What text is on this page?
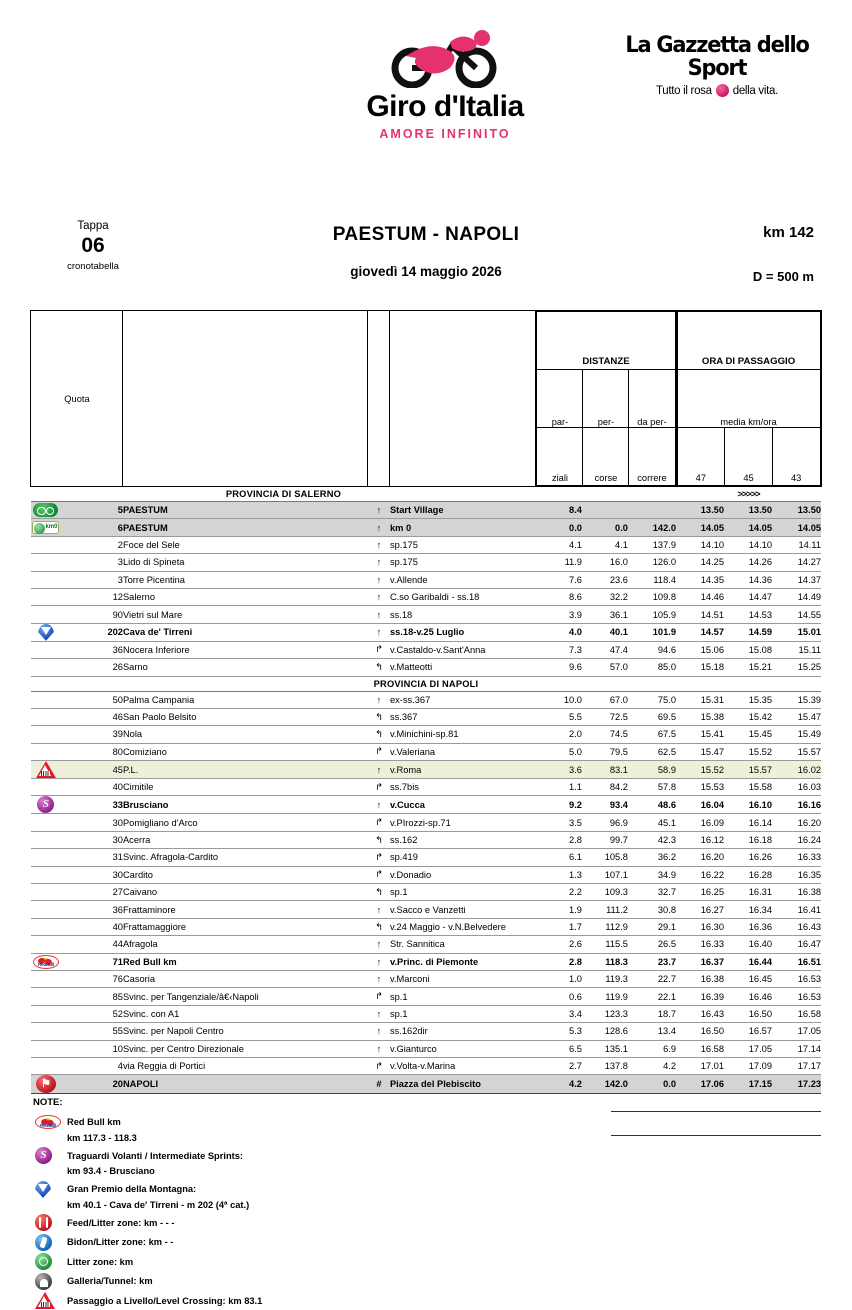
Giro d'Italia
AMORE INFINITO
La Gazzetta dello Sport
Tutto il rosa della vita.
Tappa
06
cronotabella
PAESTUM - NAPOLI
giovedì 14 maggio 2026
km 142
D = 500 m
Quota				
DISTANZE
par-	per-	da per-
ziali	corse	correre

ORA DI PASSAGGIO
media km/ora
47	45	43

PROVINCIA DI SALERNO		>>>>>
	5	PAESTUM	↑	Start Village	8.4			13.50	13.50	13.50

km0	6	PAESTUM	↑	km 0	0.0	0.0	142.0	14.05	14.05	14.05
	2	Foce del Sele	↑	sp.175	4.1	4.1	137.9	14.10	14.10	14.11
	3	Lido di Spineta	↑	sp.175	11.9	16.0	126.0	14.25	14.26	14.27
	3	Torre Picentina	↑	v.Allende	7.6	23.6	118.4	14.35	14.36	14.37
	12	Salerno	↑	C.so Garibaldi - ss.18	8.6	32.2	109.8	14.46	14.47	14.49
	90	Vietri sul Mare	↑	ss.18	3.9	36.1	105.9	14.51	14.53	14.55

	202	Cava de' Tirreni	↑	ss.18-v.25 Luglio	4.0	40.1	101.9	14.57	14.59	15.01
	36	Nocera Inferiore	↱	v.Castaldo-v.Sant'Anna	7.3	47.4	94.6	15.06	15.08	15.11
	26	Sarno	↰	v.Matteotti	9.6	57.0	85.0	15.18	15.21	15.25
PROVINCIA DI NAPOLI
	50	Palma Campania	↑	ex-ss.367	10.0	67.0	75.0	15.31	15.35	15.39
	46	San Paolo Belsito	↰	ss.367	5.5	72.5	69.5	15.38	15.42	15.47
	39	Nola	↰	v.Minichini-sp.81	2.0	74.5	67.5	15.41	15.45	15.49
	80	Comiziano	↱	v.Valeriana	5.0	79.5	62.5	15.47	15.52	15.57

	45	P.L.	↑	v.Roma	3.6	83.1	58.9	15.52	15.57	16.02
	40	Cimitile	↱	ss.7bis	1.1	84.2	57.8	15.53	15.58	16.03

S	33	Brusciano	↑	v.Cucca	9.2	93.4	48.6	16.04	16.10	16.16
	30	Pomigliano d'Arco	↱	v.PIrozzi-sp.71	3.5	96.9	45.1	16.09	16.14	16.20
	30	Acerra	↰	ss.162	2.8	99.7	42.3	16.12	16.18	16.24
	31	Svinc. Afragola-Cardito	↱	sp.419	6.1	105.8	36.2	16.20	16.26	16.33
	30	Cardito	↱	v.Donadio	1.3	107.1	34.9	16.22	16.28	16.35
	27	Caivano	↰	sp.1	2.2	109.3	32.7	16.25	16.31	16.38
	36	Frattaminore	↑	v.Sacco e Vanzetti	1.9	111.2	30.8	16.27	16.34	16.41
	40	Frattamaggiore	↰	v.24 Maggio - v.N.Belvedere	1.7	112.9	29.1	16.30	16.36	16.43
	44	Afragola	↑	Str. Sannitica	2.6	115.5	26.5	16.33	16.40	16.47

RedBull	71	Red Bull km	↑	v.Princ. di Piemonte	2.8	118.3	23.7	16.37	16.44	16.51
	76	Casoria	↑	v.Marconi	1.0	119.3	22.7	16.38	16.45	16.53
	85	Svinc. per Tangenziale/â€‹Napoli	↱	sp.1	0.6	119.9	22.1	16.39	16.46	16.53
	52	Svinc. con A1	↑	sp.1	3.4	123.3	18.7	16.43	16.50	16.58
	55	Svinc. per Napoli Centro	↑	ss.162dir	5.3	128.6	13.4	16.50	16.57	17.05
	10	Svinc. per Centro Direzionale	↑	v.Gianturco	6.5	135.1	6.9	16.58	17.05	17.14
	4	via Reggia di Portici	↱	v.Volta-v.Marina	2.7	137.8	4.2	17.01	17.09	17.17

⚑	20	NAPOLI	#	Piazza del Plebiscito	4.2	142.0	0.0	17.06	17.15	17.23
NOTE:
RedBull	Red Bull km
km 117.3 - 118.3
S	Traguardi Volanti / Intermediate Sprints:
km 93.4 - Brusciano
Gran Premio della Montagna:
km 40.1 - Cava de' Tirreni - m 202 (4ª cat.)
Feed/Litter zone: km - - -
Bidon/Litter zone: km - -
Litter zone: km
Galleria/Tunnel: km
Passaggio a Livello/Level Crossing: km 83.1
